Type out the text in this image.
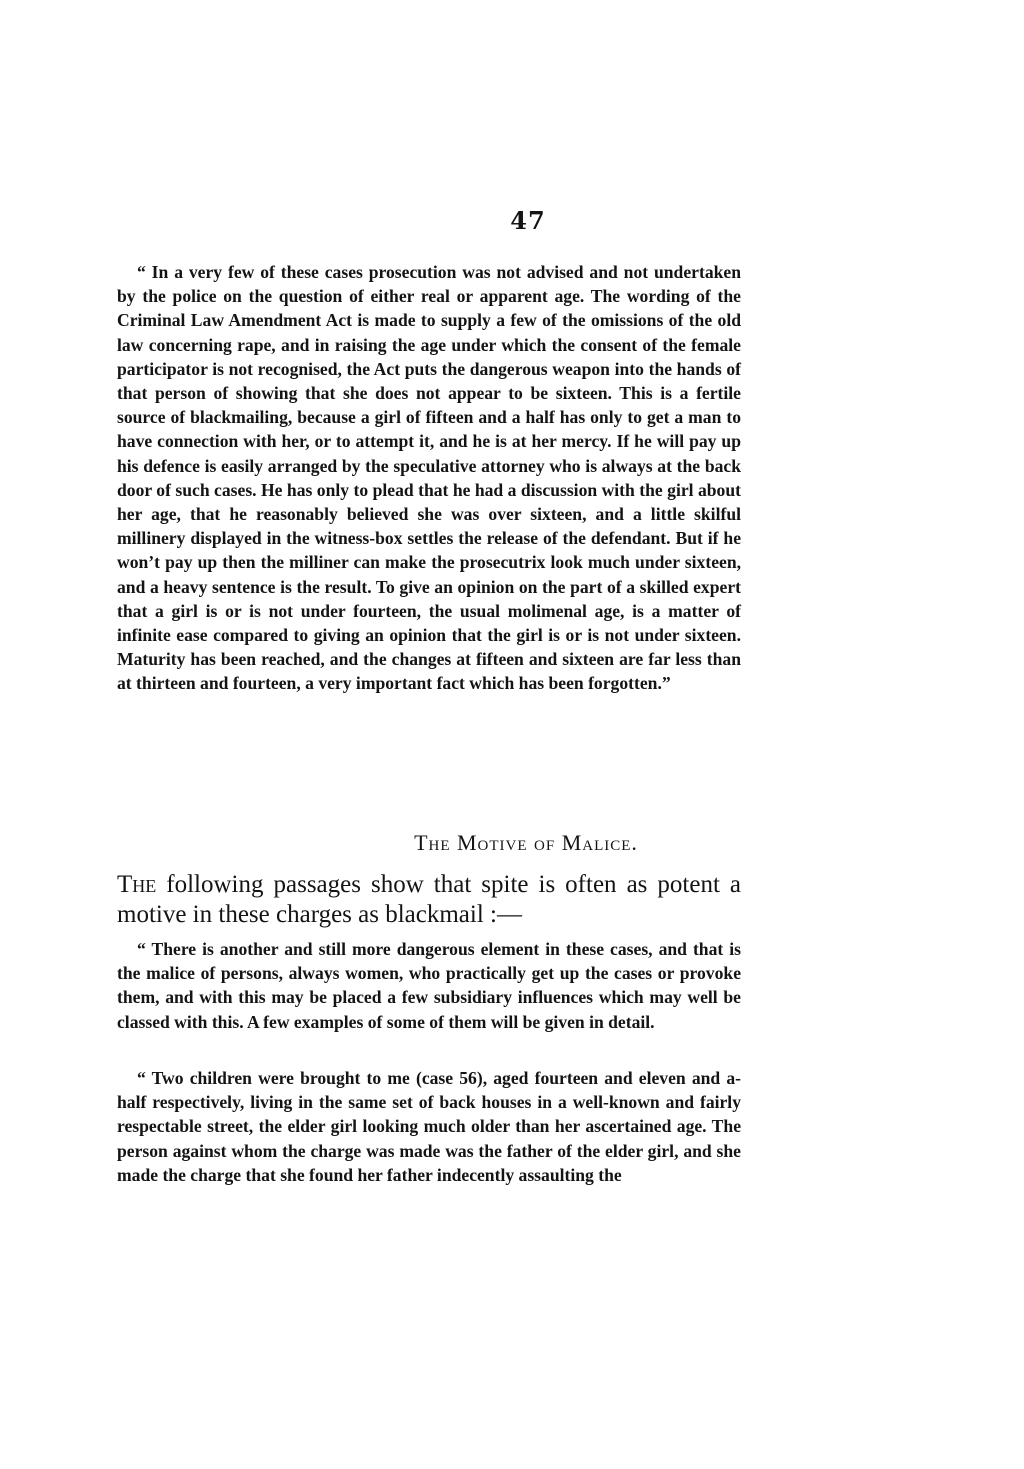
47

“ In a very few of these cases prosecution was not advised and not undertaken by the police on the question of either real or apparent age. The wording of the Criminal Law Amendment Act is made to supply a few of the omissions of the old law concerning rape, and in raising the age under which the consent of the female participator is not recognised, the Act puts the dangerous weapon into the hands of that person of showing that she does not appear to be sixteen. This is a fertile source of blackmailing, because a girl of fifteen and a half has only to get a man to have connection with her, or to attempt it, and he is at her mercy. If he will pay up his defence is easily arranged by the speculative attorney who is always at the back door of such cases. He has only to plead that he had a discussion with the girl about her age, that he reasonably believed she was over sixteen, and a little skilful millinery displayed in the witness-box settles the release of the defendant. But if he won’t pay up then the milliner can make the prosecutrix look much under sixteen, and a heavy sentence is the result. To give an opinion on the part of a skilled expert that a girl is or is not under fourteen, the usual molimenal age, is a matter of infinite ease compared to giving an opinion that the girl is or is not under sixteen. Maturity has been reached, and the changes at fifteen and sixteen are far less than at thirteen and fourteen, a very important fact which has been forgotten.”

The Motive of Malice.

The following passages show that spite is often as potent a motive in these charges as blackmail :—

“ There is another and still more dangerous element in these cases, and that is the malice of persons, always women, who practically get up the cases or provoke them, and with this may be placed a few subsidiary influences which may well be classed with this. A few examples of some of them will be given in detail.

“ Two children were brought to me (case 56), aged fourteen and eleven and a-half respectively, living in the same set of back houses in a well-known and fairly respectable street, the elder girl looking much older than her ascertained age. The person against whom the charge was made was the father of the elder girl, and she made the charge that she found her father indecently assaulting the
